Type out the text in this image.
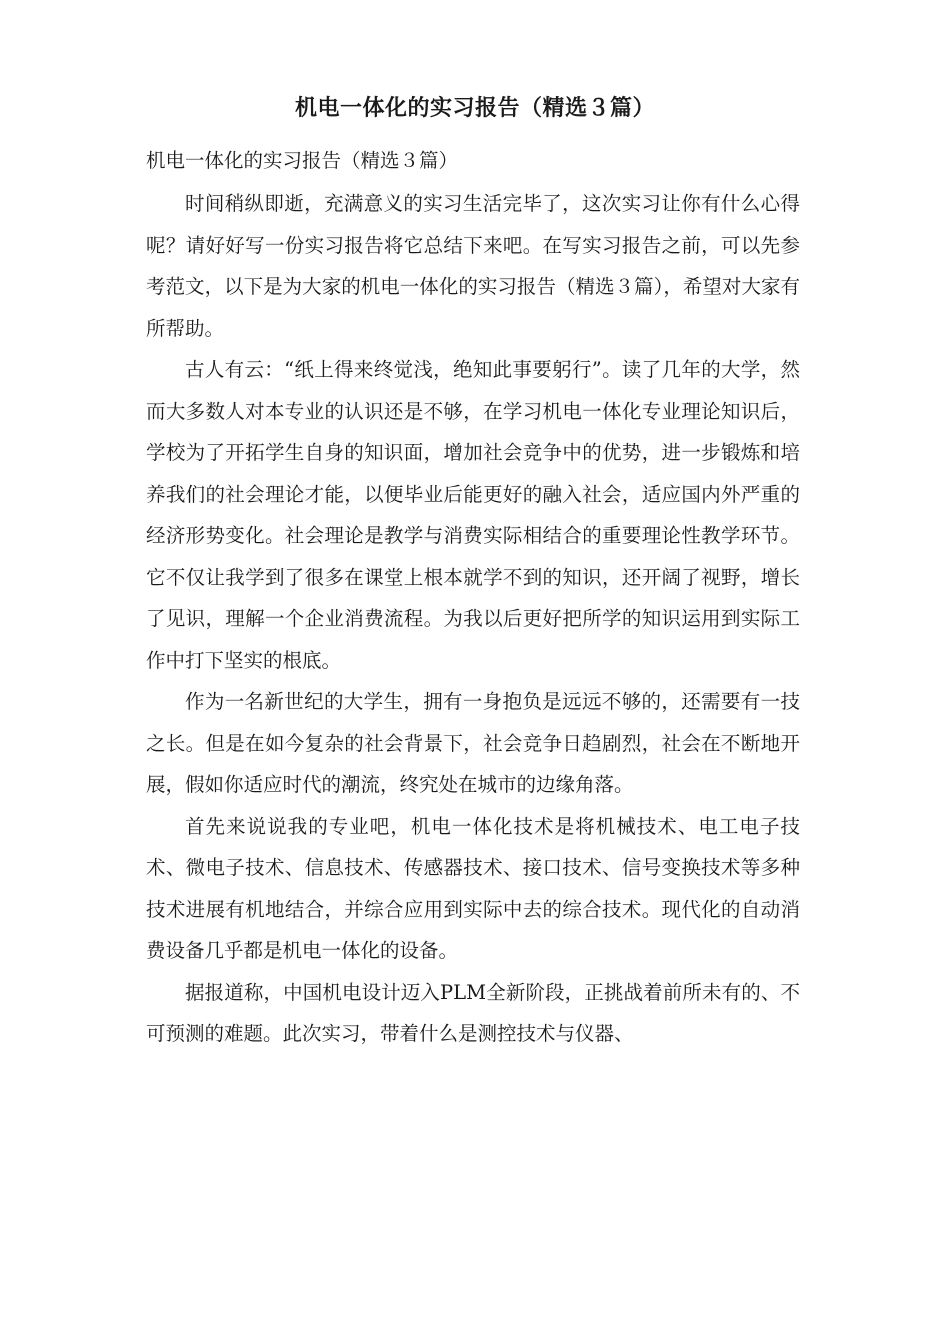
机电一体化的实习报告（精选３篇）
机电一体化的实习报告（精选３篇）

时间稍纵即逝，充满意义的实习生活完毕了，这次实习让你有什么心得呢？请好好写一份实习报告将它总结下来吧。在写实习报告之前，可以先参考范文，以下是为大家的机电一体化的实习报告（精选３篇），希望对大家有所帮助。

古人有云：“纸上得来终觉浅，绝知此事要躬行”。读了几年的大学，然而大多数人对本专业的认识还是不够，在学习机电一体化专业理论知识后，学校为了开拓学生自身的知识面，增加社会竞争中的优势，进一步锻炼和培养我们的社会理论才能，以便毕业后能更好的融入社会，适应国内外严重的经济形势变化。社会理论是教学与消费实际相结合的重要理论性教学环节。它不仅让我学到了很多在课堂上根本就学不到的知识，还开阔了视野，增长了见识，理解一个企业消费流程。为我以后更好把所学的知识运用到实际工作中打下坚实的根底。

作为一名新世纪的大学生，拥有一身抱负是远远不够的，还需要有一技之长。但是在如今复杂的社会背景下，社会竞争日趋剧烈，社会在不断地开展，假如你适应时代的潮流，终究处在城市的边缘角落。

首先来说说我的专业吧，机电一体化技术是将机械技术、电工电子技术、微电子技术、信息技术、传感器技术、接口技术、信号变换技术等多种技术进展有机地结合，并综合应用到实际中去的综合技术。现代化的自动消费设备几乎都是机电一体化的设备。

据报道称，中国机电设计迈入PLM全新阶段，正挑战着前所未有的、不可预测的难题。此次实习，带着什么是测控技术与仪器、
